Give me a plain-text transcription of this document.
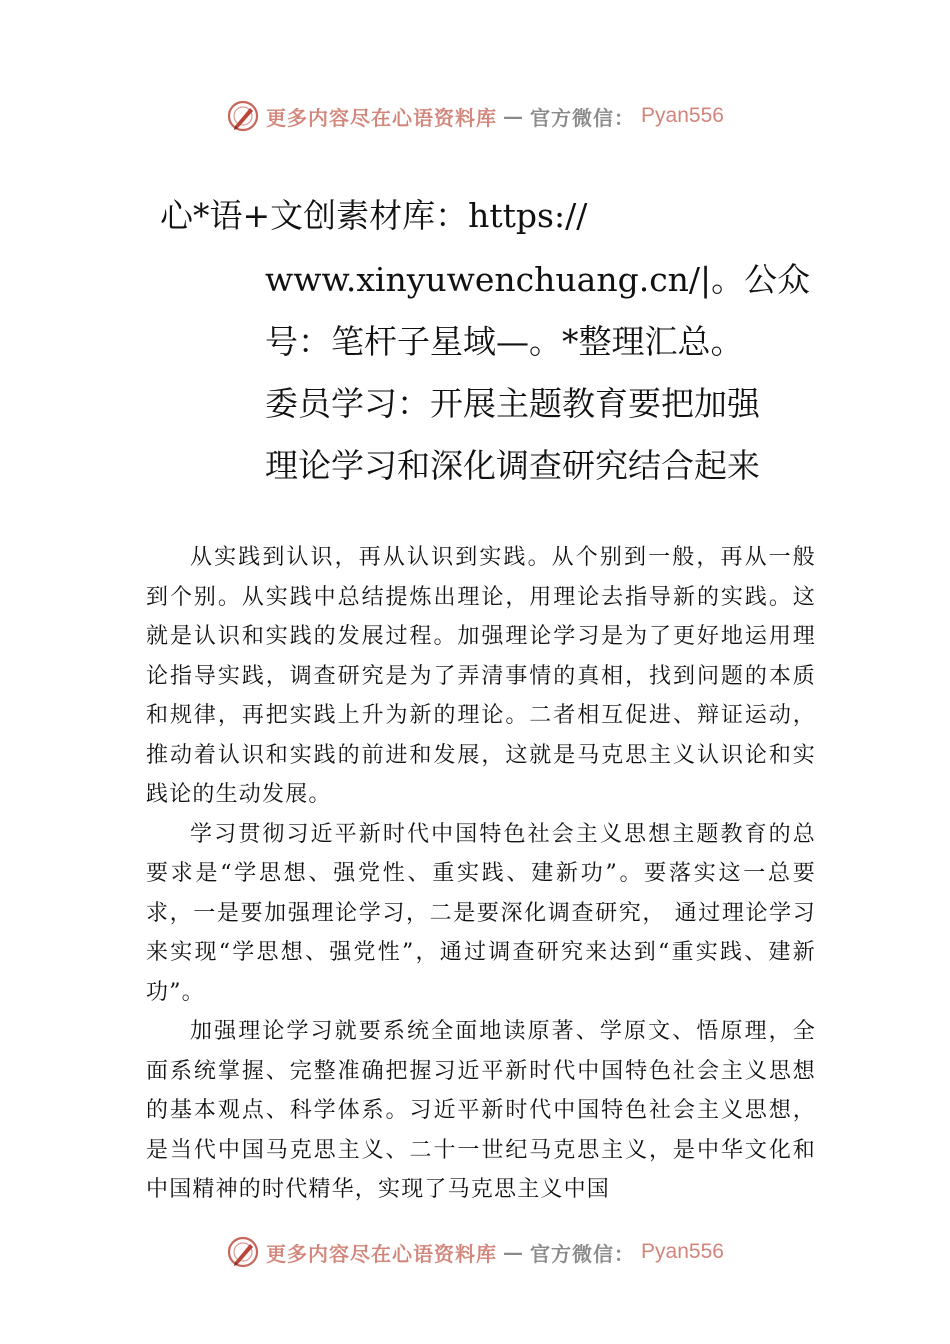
更多内容尽在心语资料库 — 官方微信： Pyan556
心*语+文创素材库：https://
www.xinyuwenchuang.cn/|。公众
号：笔杆子星域—。*整理汇总。
委员学习：开展主题教育要把加强
理论学习和深化调查研究结合起来

从实践到认识，再从认识到实践。从个别到一般，再从一般到个别。从实践中总结提炼出理论，用理论去指导新的实践。这就是认识和实践的发展过程。加强理论学习是为了更好地运用理论指导实践，调查研究是为了弄清事情的真相，找到问题的本质和规律，再把实践上升为新的理论。二者相互促进、辩证运动，推动着认识和实践的前进和发展，这就是马克思主义认识论和实践论的生动发展。

学习贯彻习近平新时代中国特色社会主义思想主题教育的总要求是“学思想、强党性、重实践、建新功”。要落实这一总要求，一是要加强理论学习，二是要深化调查研究， 通过理论学习来实现“学思想、强党性”，通过调查研究来达到“重实践、建新功”。

加强理论学习就要系统全面地读原著、学原文、悟原理，全面系统掌握、完整准确把握习近平新时代中国特色社会主义思想的基本观点、科学体系。习近平新时代中国特色社会主义思想，是当代中国马克思主义、二十一世纪马克思主义，是中华文化和中国精神的时代精华，实现了马克思主义中国

更多内容尽在心语资料库 — 官方微信： Pyan556
